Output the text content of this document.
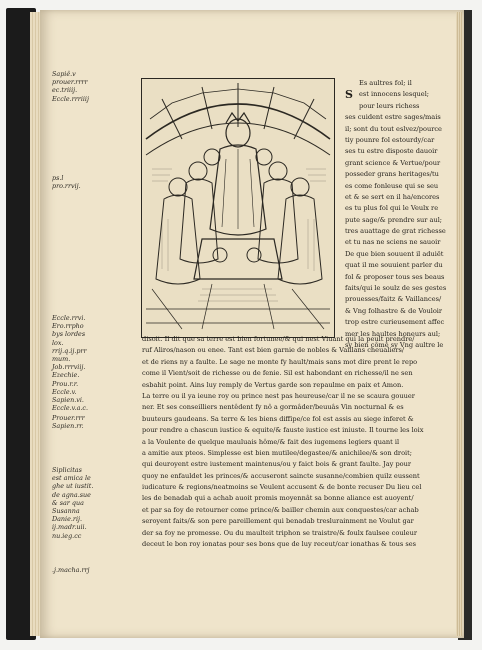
Sapiê.v
prouer.rrrr
ec.triiij.
Eccle.rrriiij
ps.l
pro.rrvij.
Eccle.rrvi.
Ero.rrpho
bys lordes
lox.
rrij.q.ij.prr
mum.
Job.rrrviij.
Ezechie.
Prou.r.r.
Eccle.v.
Sapien.vi.
Eccle.v.a.c.
Prouer.rrr
Sapien.rr.
Siplicitas
est amica le
ghe ut iustit.
de agna.sue
& sar qua
Susanna
Danie.rij.
ij.madr.uii.
nu.ieg.cc
.j.macha.rrj
S
Es aultres fol; il
est innocens lesquel;
pour leurs richess
ses cuident estre sages/mais
il; sont du tout eslvez/pource
tiy pounre fol estourdy/car
ses tu estre disposte dauoir
grant science & Vertue/pour
posseder grans heritages/tu
es come fonleuse qui se seu
et & se sert en il ha/encores
es tu plus fol qui le Veulx re
pute sage/& prendre sur aul;
tres auattage de grat richesse
et tu nas ne sciens ne sauoir
De que bien souuent il aduiët
quat il me souuient parler du
fol & proposer tous ses beaus
faits/qui le soulz de ses gestes
prouesses/faitz & Vaillances/
& Vng folhastre & de Vouloir
trop estre curieusement affec
mer les haultes honeurs aul;
sy bien côme sy Vng aultre le
disoit. Il dit que sa terre est bien fortunee/& qui nest Viuant qui la peult prendre/
ruf Aliros/nason ou enee. Tant est bien garnie de nobles & Vaillans cheualiers/
et de riens ny a faulte. Le sage ne monte fy hault/mais sans mot dire prent le repo
come il Vient/soit de richesse ou de fenie. Sil est habondant en richesse/il ne sen
esbahit point. Ains luy remply de Vertus garde son repaulme en paix et Amon.
La terre ou il ya ieune roy ou prince nest pas heureuse/car il ne se scaura gouuer
ner. Et ses conseilliers nentêdent fy nô a gormâder/beuuâs Vin nocturnal & es
buuteurs gaudeans. Sa terre & les biens diffipe/ce fol est assis au siege inferet &
pour rendre a chascun iustice & equite/& fauste iustice est iniuste. Il tourne les loix
a la Voulente de quelque mauluais hôme/& fait des iugemens legiers quant il
a amitie aux pteos. Simplesse est bien mutilee/degastee/& anichilee/& son droit;
qui deuroyent estre iustement maintenus/ou y faict bois & grant faulte. Jay pour
quoy ne enfauldet les princes/& accuseront saincte susanne/combien quilz eussent
iudicature & regions/neatmoins se Veulent accusent & de bonte recuser Du lieu cel
les de benadab qui a achab auoit promis moyennât sa bonne aliance est auoyent/
et par sa foy de retourner come prince/& bailler chemin aux conquestes/car achab
seroyent faits/& son pere pareillement qui benadab treslurainment ne Voulut gar
der sa foy ne promesse. Ou du maulteit triphon se traistre/& foulx faulsee couleur
deceut le bon roy ionatas pour ses bons que de luy receut/car ionathas & tous ses
